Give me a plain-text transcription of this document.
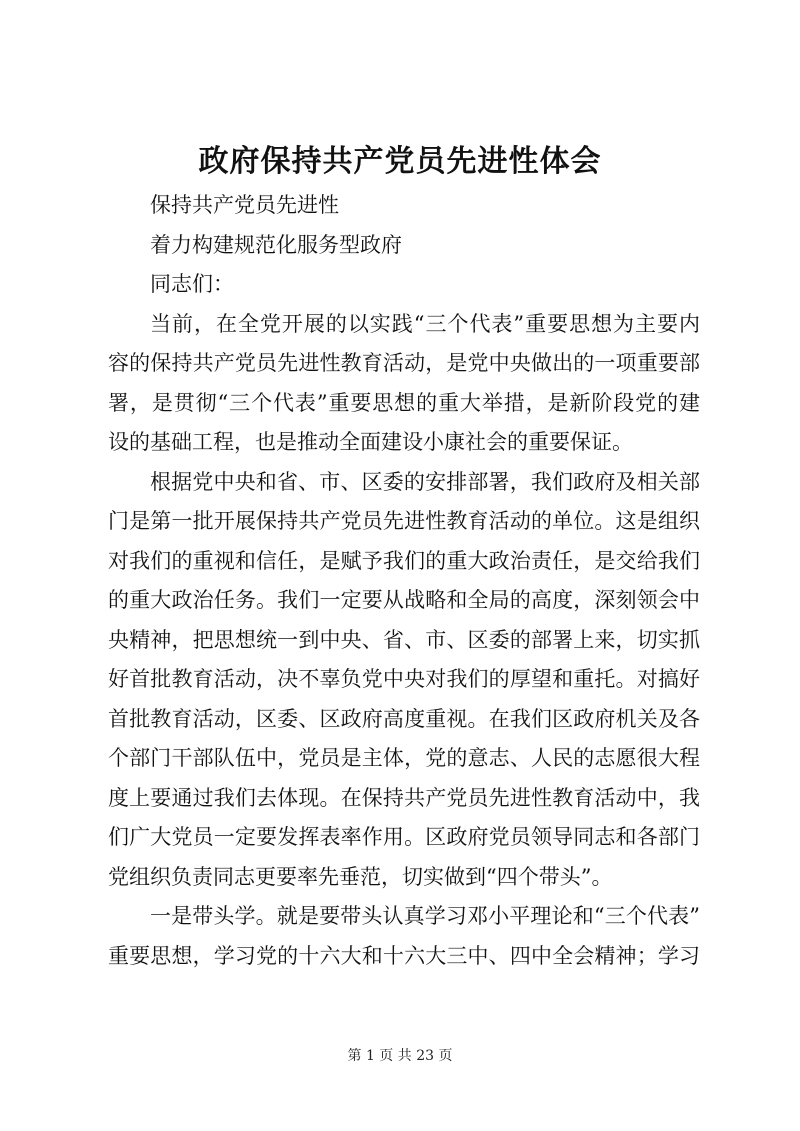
政府保持共产党员先进性体会
保持共产党员先进性
着力构建规范化服务型政府
同志们：
当前，在全党开展的以实践“三个代表”重要思想为主要内
容的保持共产党员先进性教育活动，是党中央做出的一项重要部
署，是贯彻“三个代表”重要思想的重大举措，是新阶段党的建
设的基础工程，也是推动全面建设小康社会的重要保证。
根据党中央和省、市、区委的安排部署，我们政府及相关部
门是第一批开展保持共产党员先进性教育活动的单位。这是组织
对我们的重视和信任，是赋予我们的重大政治责任，是交给我们
的重大政治任务。我们一定要从战略和全局的高度，深刻领会中
央精神，把思想统一到中央、省、市、区委的部署上来，切实抓
好首批教育活动，决不辜负党中央对我们的厚望和重托。对搞好
首批教育活动，区委、区政府高度重视。在我们区政府机关及各
个部门干部队伍中，党员是主体，党的意志、人民的志愿很大程
度上要通过我们去体现。在保持共产党员先进性教育活动中，我
们广大党员一定要发挥表率作用。区政府党员领导同志和各部门
党组织负责同志更要率先垂范，切实做到“四个带头”。
一是带头学。就是要带头认真学习邓小平理论和“三个代表”
重要思想，学习党的十六大和十六大三中、四中全会精神；学习
第 1 页 共 23 页
